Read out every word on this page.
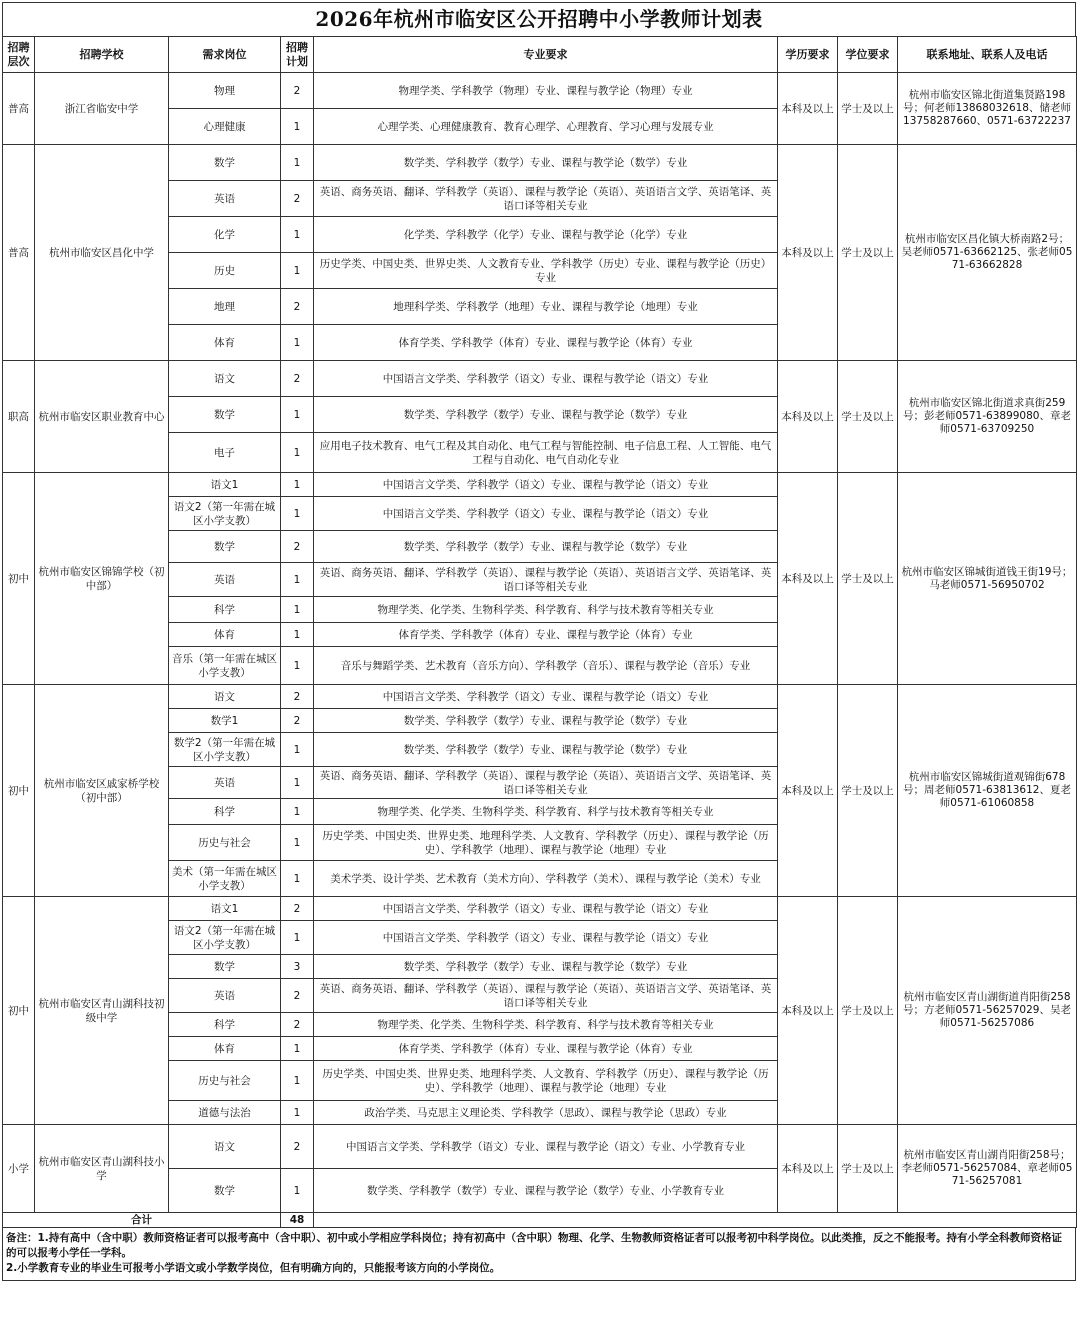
2026年杭州市临安区公开招聘中小学教师计划表
招聘层次	招聘学校	需求岗位	招聘计划	专业要求	学历要求	学位要求	联系地址、联系人及电话
普高	浙江省临安中学	物理	2	物理学类、学科教学（物理）专业、课程与教学论（物理）专业	本科及以上	学士及以上	杭州市临安区锦北街道集贤路198号；何老师13868032618、储老师13758287660、0571-63722237
		心理健康	1	心理学类、心理健康教育、教育心理学、心理教育、学习心理与发展专业			
普高	杭州市临安区昌化中学	数学	1	数学类、学科教学（数学）专业、课程与教学论（数学）专业	本科及以上	学士及以上	杭州市临安区昌化镇大桥南路2号；吴老师0571-63662125、张老师0571-63662828
		英语	2	英语、商务英语、翻译、学科教学（英语）、课程与教学论（英语）、英语语言文学、英语笔译、英语口译等相关专业			
		化学	1	化学类、学科教学（化学）专业、课程与教学论（化学）专业			
		历史	1	历史学类、中国史类、世界史类、人文教育专业、学科教学（历史）专业、课程与教学论（历史）专业			
		地理	2	地理科学类、学科教学（地理）专业、课程与教学论（地理）专业			
		体育	1	体育学类、学科教学（体育）专业、课程与教学论（体育）专业			
职高	杭州市临安区职业教育中心	语文	2	中国语言文学类、学科教学（语文）专业、课程与教学论（语文）专业	本科及以上	学士及以上	杭州市临安区锦北街道求真街259号；彭老师0571-63899080、章老师0571-63709250
		数学	1	数学类、学科教学（数学）专业、课程与教学论（数学）专业			
		电子	1	应用电子技术教育、电气工程及其自动化、电气工程与智能控制、电子信息工程、人工智能、电气工程与自动化、电气自动化专业			
初中	杭州市临安区锦锦学校（初中部）	语文1	1	中国语言文学类、学科教学（语文）专业、课程与教学论（语文）专业	本科及以上	学士及以上	杭州市临安区锦城街道钱王街19号；马老师0571-56950702
		语文2（第一年需在城区小学支教）	1	中国语言文学类、学科教学（语文）专业、课程与教学论（语文）专业			
		数学	2	数学类、学科教学（数学）专业、课程与教学论（数学）专业			
		英语	1	英语、商务英语、翻译、学科教学（英语）、课程与教学论（英语）、英语语言文学、英语笔译、英语口译等相关专业			
		科学	1	物理学类、化学类、生物科学类、科学教育、科学与技术教育等相关专业			
		体育	1	体育学类、学科教学（体育）专业、课程与教学论（体育）专业			
		音乐（第一年需在城区小学支教）	1	音乐与舞蹈学类、艺术教育（音乐方向）、学科教学（音乐）、课程与教学论（音乐）专业			
初中	杭州市临安区戚家桥学校（初中部）	语文	2	中国语言文学类、学科教学（语文）专业、课程与教学论（语文）专业	本科及以上	学士及以上	杭州市临安区锦城街道观锦街678号；周老师0571-63813612、夏老师0571-61060858
		数学1	2	数学类、学科教学（数学）专业、课程与教学论（数学）专业			
		数学2（第一年需在城区小学支教）	1	数学类、学科教学（数学）专业、课程与教学论（数学）专业			
		英语	1	英语、商务英语、翻译、学科教学（英语）、课程与教学论（英语）、英语语言文学、英语笔译、英语口译等相关专业			
		科学	1	物理学类、化学类、生物科学类、科学教育、科学与技术教育等相关专业			
		历史与社会	1	历史学类、中国史类、世界史类、地理科学类、人文教育、学科教学（历史）、课程与教学论（历史）、学科教学（地理）、课程与教学论（地理）专业			
		美术（第一年需在城区小学支教）	1	美术学类、设计学类、艺术教育（美术方向）、学科教学（美术）、课程与教学论（美术）专业			
初中	杭州市临安区青山湖科技初级中学	语文1	2	中国语言文学类、学科教学（语文）专业、课程与教学论（语文）专业	本科及以上	学士及以上	杭州市临安区青山湖街道肖阳街258号；方老师0571-56257029、吴老师0571-56257086
		语文2（第一年需在城区小学支教）	1	中国语言文学类、学科教学（语文）专业、课程与教学论（语文）专业			
		数学	3	数学类、学科教学（数学）专业、课程与教学论（数学）专业			
		英语	2	英语、商务英语、翻译、学科教学（英语）、课程与教学论（英语）、英语语言文学、英语笔译、英语口译等相关专业			
		科学	2	物理学类、化学类、生物科学类、科学教育、科学与技术教育等相关专业			
		体育	1	体育学类、学科教学（体育）专业、课程与教学论（体育）专业			
		历史与社会	1	历史学类、中国史类、世界史类、地理科学类、人文教育、学科教学（历史）、课程与教学论（历史）、学科教学（地理）、课程与教学论（地理）专业			
		道德与法治	1	政治学类、马克思主义理论类、学科教学（思政）、课程与教学论（思政）专业			
小学	杭州市临安区青山湖科技小学	语文	2	中国语言文学类、学科教学（语文）专业、课程与教学论（语文）专业、小学教育专业	本科及以上	学士及以上	杭州市临安区青山湖肖阳街258号；李老师0571-56257084、章老师0571-56257081
		数学	1	数学类、学科教学（数学）专业、课程与教学论（数学）专业、小学教育专业			
合计			48				
备注：1.持有高中（含中职）教师资格证者可以报考高中（含中职）、初中或小学相应学科岗位；持有初高中（含中职）物理、化学、生物教师资格证者可以报考初中科学岗位。以此类推，反之不能报考。持有小学全科教师资格证的可以报考小学任一学科。
2.小学教育专业的毕业生可报考小学语文或小学数学岗位，但有明确方向的，只能报考该方向的小学岗位。
